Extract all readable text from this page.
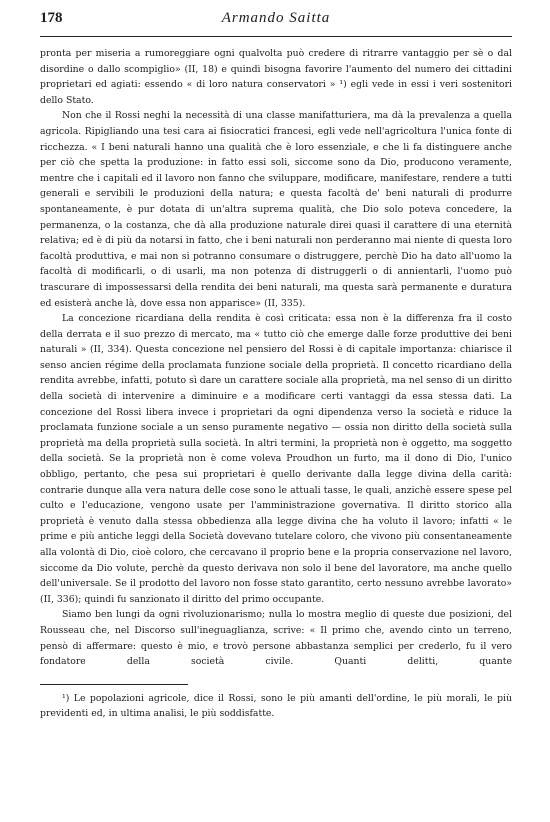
178	Armando Saitta

pronta per miseria a rumoreggiare ogni qualvolta può credere di ritrarre vantaggio per sè o dal disordine o dallo scompiglio» (II, 18) e quindi bisogna favorire l'aumento del numero dei cittadini proprietari ed agiati: essendo « di loro natura conservatori » ¹) egli vede in essi i veri sostenitori dello Stato.

Non che il Rossi neghi la necessità di una classe manifatturiera, ma dà la prevalenza a quella agricola. Ripigliando una tesi cara ai fisiocratici francesi, egli vede nell'agricoltura l'unica fonte di ricchezza. « I beni naturali hanno una qualità che è loro essenziale, e che li fa distinguere anche per ciò che spetta la produzione: in fatto essi soli, siccome sono da Dio, producono veramente, mentre che i capitali ed il lavoro non fanno che sviluppare, modificare, manifestare, rendere a tutti generali e servibili le produzioni della natura; e questa facoltà de' beni naturali di produrre spontaneamente, è pur dotata di un'altra suprema qualità, che Dio solo poteva concedere, la permanenza, o la costanza, che dà alla produzione naturale direi quasi il carattere di una eternità relativa; ed è di più da notarsi in fatto, che i beni naturali non perderanno mai niente di questa loro facoltà produttiva, e mai non si potranno consumare o distruggere, perchè Dio ha dato all'uomo la facoltà di modificarli, o di usarli, ma non potenza di distruggerli o di annientarli, l'uomo può trascurare di impossessarsi della rendita dei beni naturali, ma questa sarà permanente e duratura ed esisterà anche là, dove essa non apparisce» (II, 335).

La concezione ricardiana della rendita è così criticata: essa non è la differenza fra il costo della derrata e il suo prezzo di mercato, ma « tutto ciò che emerge dalle forze produttive dei beni naturali » (II, 334). Questa concezione nel pensiero del Rossi è di capitale importanza: chiarisce il senso ancien régime della proclamata funzione sociale della proprietà. Il concetto ricardiano della rendita avrebbe, infatti, potuto sì dare un carattere sociale alla proprietà, ma nel senso di un diritto della società di intervenire a diminuire e a modificare certi vantaggi da essa stessa dati. La concezione del Rossi libera invece i proprietari da ogni dipendenza verso la società e riduce la proclamata funzione sociale a un senso puramente negativo — ossia non diritto della società sulla proprietà ma della proprietà sulla società. In altri termini, la proprietà non è oggetto, ma soggetto della società. Se la proprietà non è come voleva Proudhon un furto, ma il dono di Dio, l'unico obbligo, pertanto, che pesa sui proprietari è quello derivante dalla legge divina della carità: contrarie dunque alla vera natura delle cose sono le attuali tasse, le quali, anzichè essere spese pel culto e l'educazione, vengono usate per l'amministrazione governativa. Il diritto storico alla proprietà è venuto dalla stessa obbedienza alla legge divina che ha voluto il lavoro; infatti « le prime e più antiche leggi della Società dovevano tutelare coloro, che vivono più consentaneamente alla volontà di Dio, cioè coloro, che cercavano il proprio bene e la propria conservazione nel lavoro, siccome da Dio volute, perchè da questo derivava non solo il bene del lavoratore, ma anche quello dell'universale. Se il prodotto del lavoro non fosse stato garantito, certo nessuno avrebbe lavorato» (II, 336); quindi fu sanzionato il diritto del primo occupante.

Siamo ben lungi da ogni rivoluzionarismo; nulla lo mostra meglio di queste due posizioni, del Rousseau che, nel Discorso sull'ineguaglianza, scrive: « Il primo che, avendo cinto un terreno, pensò di affermare: questo è mio, e trovò persone abbastanza semplici per crederlo, fu il vero fondatore della società civile. Quanti delitti, quante

¹) Le popolazioni agricole, dice il Rossi, sono le più amanti dell'ordine, le più morali, le più previdenti ed, in ultima analisi, le più soddisfatte.
